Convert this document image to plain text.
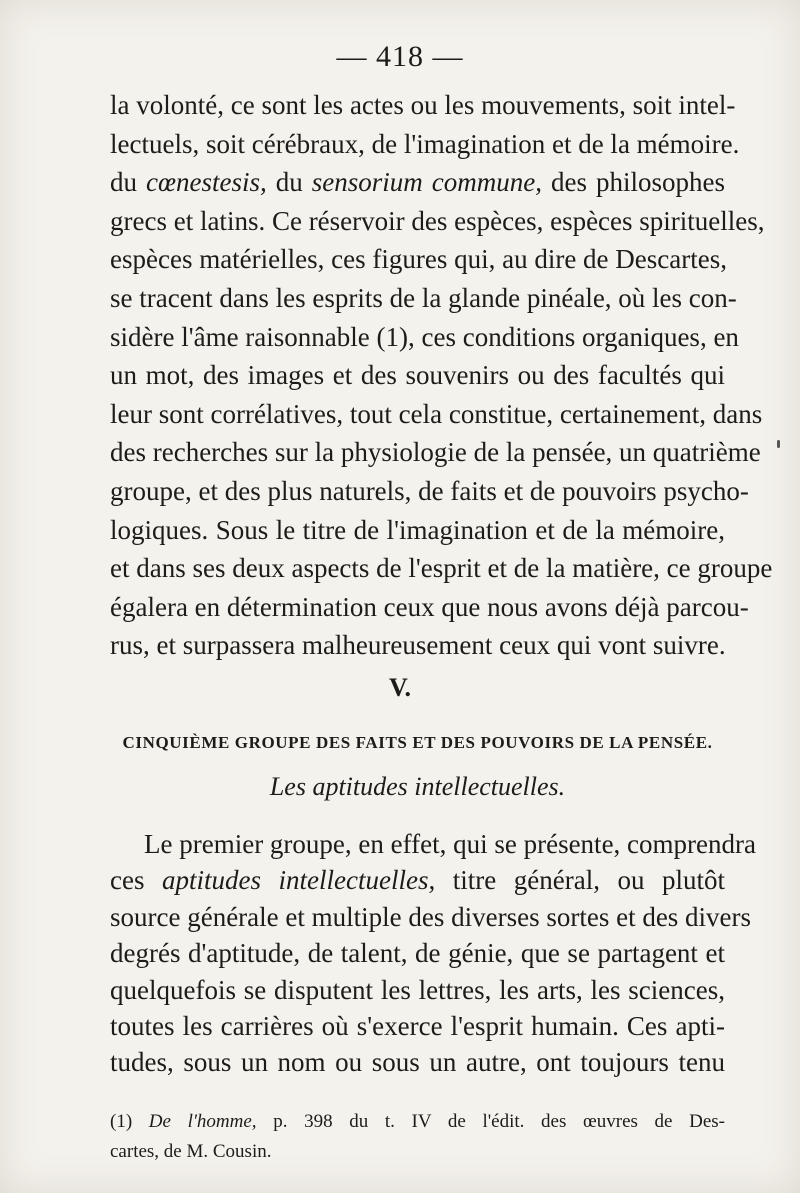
— 418 —
la volonté, ce sont les actes ou les mouvements, soit intel-
lectuels, soit cérébraux, de l'imagination et de la mémoire.
du cœnestesis, du sensorium commune, des philosophes
grecs et latins. Ce réservoir des espèces, espèces spirituelles,
espèces matérielles, ces figures qui, au dire de Descartes,
se tracent dans les esprits de la glande pinéale, où les con-
sidère l'âme raisonnable (1), ces conditions organiques, en
un mot, des images et des souvenirs ou des facultés qui
leur sont corrélatives, tout cela constitue, certainement, dans
des recherches sur la physiologie de la pensée, un quatrième
groupe, et des plus naturels, de faits et de pouvoirs psycho-
logiques. Sous le titre de l'imagination et de la mémoire,
et dans ses deux aspects de l'esprit et de la matière, ce groupe
égalera en détermination ceux que nous avons déjà parcou-
rus, et surpassera malheureusement ceux qui vont suivre.
V.
CINQUIÈME GROUPE DES FAITS ET DES POUVOIRS DE LA PENSÉE.
Les aptitudes intellectuelles.
Le premier groupe, en effet, qui se présente, comprendra
ces aptitudes intellectuelles, titre général, ou plutôt
source générale et multiple des diverses sortes et des divers
degrés d'aptitude, de talent, de génie, que se partagent et
quelquefois se disputent les lettres, les arts, les sciences,
toutes les carrières où s'exerce l'esprit humain. Ces apti-
tudes, sous un nom ou sous un autre, ont toujours tenu
(1) De l'homme, p. 398 du t. IV de l'édit. des œuvres de Des-
cartes, de M. Cousin.
